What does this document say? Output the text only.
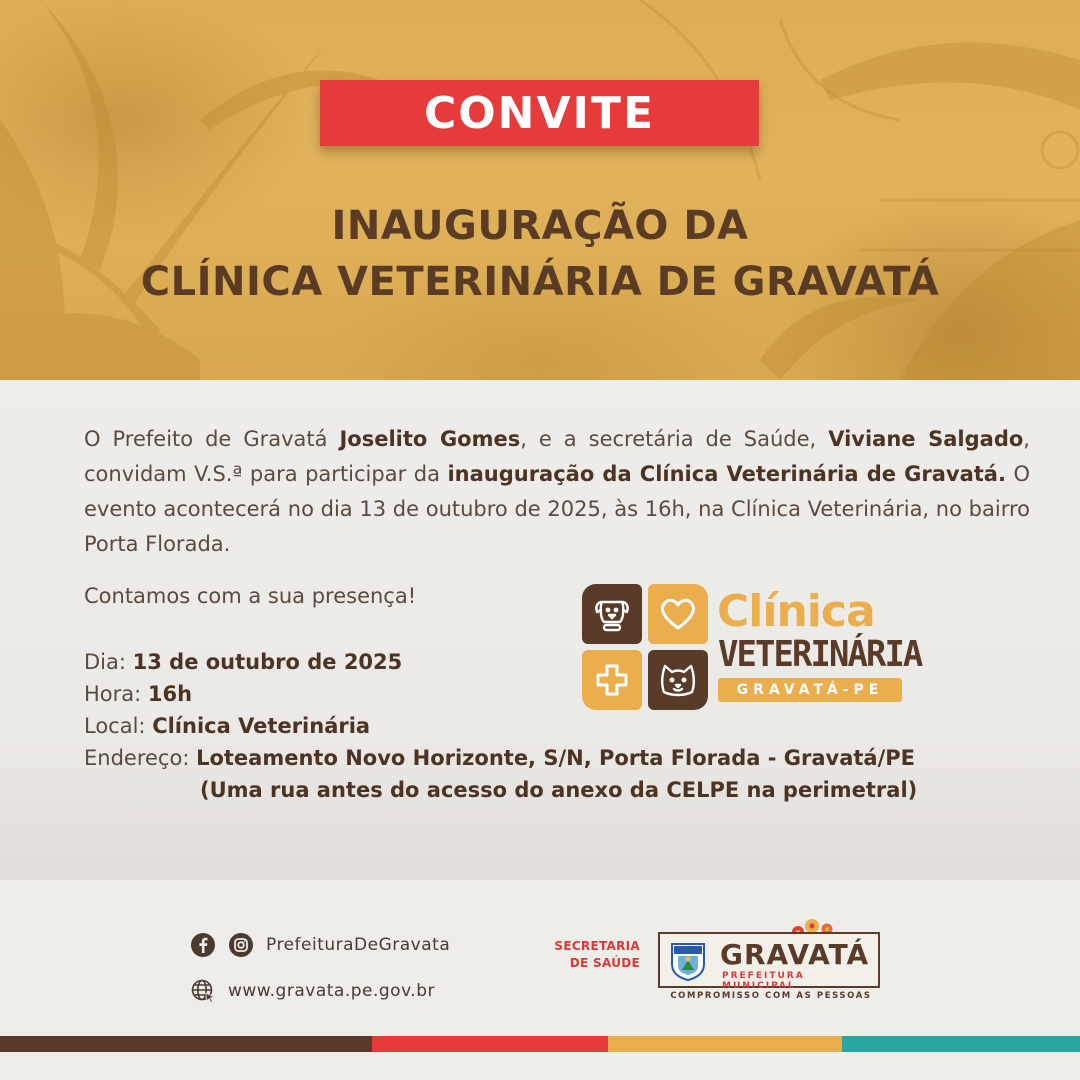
CONVITE
INAUGURAÇÃO DA
CLÍNICA VETERINÁRIA DE GRAVATÁ
O Prefeito de Gravatá Joselito Gomes, e a secretária de Saúde, Viviane Salgado, convidam V.S.ª para participar da inauguração da Clínica Veterinária de Gravatá. O evento acontecerá no dia 13 de outubro de 2025, às 16h, na Clínica Veterinária, no bairro Porta Florada.
Contamos com a sua presença!
Dia: 13 de outubro de 2025
Hora: 16h
Local: Clínica Veterinária
Endereço: Loteamento Novo Horizonte, S/N, Porta Florada - Gravatá/PE
(Uma rua antes do acesso do anexo da CELPE na perimetral)
Clínica
VETERINÁRIA
GRAVATÁ-PE
PrefeituraDeGravata
www.gravata.pe.gov.br
SECRETARIA
DE SAÚDE	GRAVATÁ
PREFEITURA MUNICIPAL
COMPROMISSO COM AS PESSOAS
